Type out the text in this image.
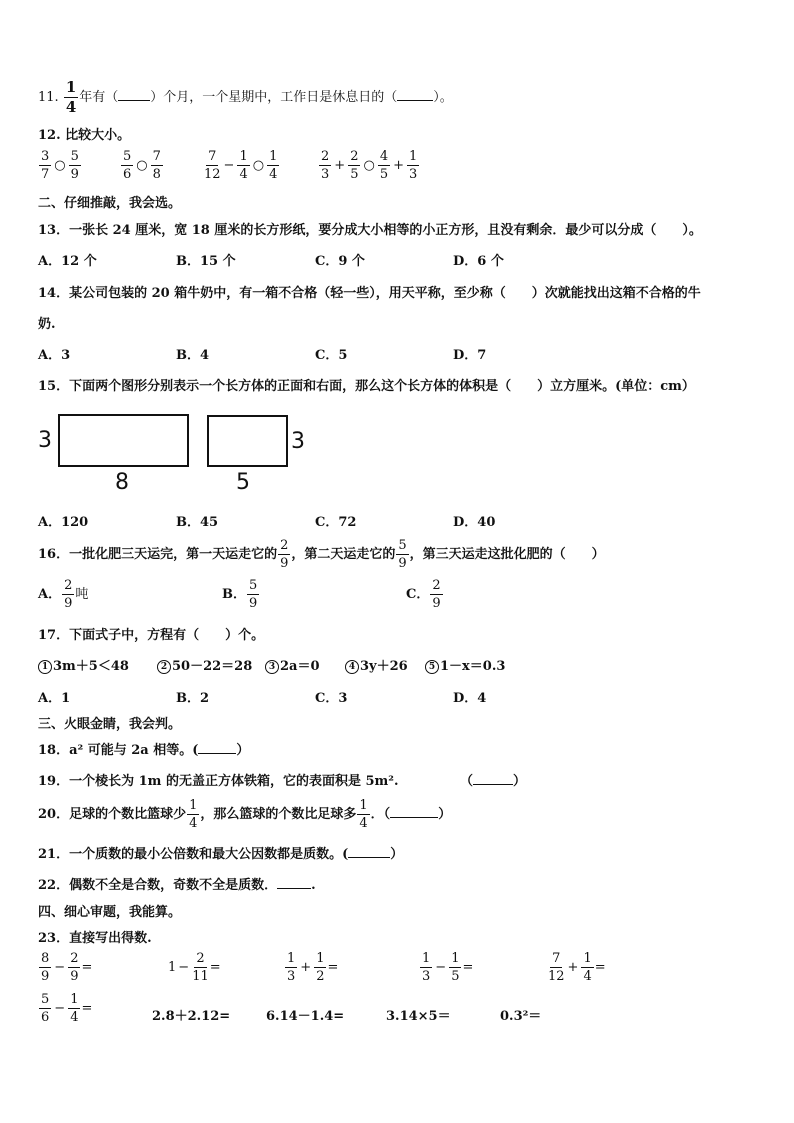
11. $\frac{1}{4}$ 年有（ ）个月，一个星期中，工作日是休息日的（	）。
12. 比较大小。
$\frac{3}{7}$ ○ $\frac{5}{9}$	$\frac{5}{6}$ ○ $\frac{7}{8}$	$\frac{7}{12} - \frac{1}{4}$ ○ $\frac{1}{4}$	$\frac{2}{3} + \frac{2}{5}$ ○ $\frac{4}{5} + \frac{1}{3}$
二、仔细推敲，我会选。
13．一张长 24 厘米，宽 18 厘米的长方形纸，要分成大小相等的小正方形，且没有剩余．最少可以分成（　　）。
A．12 个	B．15 个	C．9 个	D．6 个
14．某公司包装的 20 箱牛奶中，有一箱不合格（轻一些），用天平称，至少称（　　）次就能找出这箱不合格的牛
奶.
A．3	B．4	C．5	D．7
15．下面两个图形分别表示一个长方体的正面和右面，那么这个长方体的体积是（　　）立方厘米。(单位：cm）
3
8
3
5
A．120	B．45	C．72	D．40
16．一批化肥三天运完，第一天运走它的 $\frac{2}{9}$ ，第二天运走它的 $\frac{5}{9}$ ，第三天运走这批化肥的（　　）
A． $\frac{2}{9}$ 吨	B． $\frac{5}{9}$	C． $\frac{2}{9}$
17．下面式子中，方程有（　　）个。
1 3m＋5＜48	2 50－22＝28	3 2a＝0	4 3y＋26	5 1－x＝0.3
A．1	B．2	C．3	D．4
三、火眼金睛，我会判。
18．a² 可能与 2a 相等。(	）
19．一个棱长为 1m 的无盖正方体铁箱，它的表面积是 5m².	（	）
20．足球的个数比篮球少 $\frac{1}{4}$ ，那么篮球的个数比足球多 $\frac{1}{4}$ ．（	）
21．一个质数的最小公倍数和最大公因数都是质数。(	）
22．偶数不全是合数，奇数不全是质数．	.
四、细心审题，我能算。
23．直接写出得数.
$\frac{8}{9} - \frac{2}{9}$ =	$1 - \frac{2}{11}$ =	$\frac{1}{3} + \frac{1}{2}$ =	$\frac{1}{3} - \frac{1}{5}$ =	$\frac{7}{12} + \frac{1}{4}$ =
$\frac{5}{6} - \frac{1}{4}$ =
2.8＋2.12=	6.14－1.4=	3.14×5＝	0.3²＝
